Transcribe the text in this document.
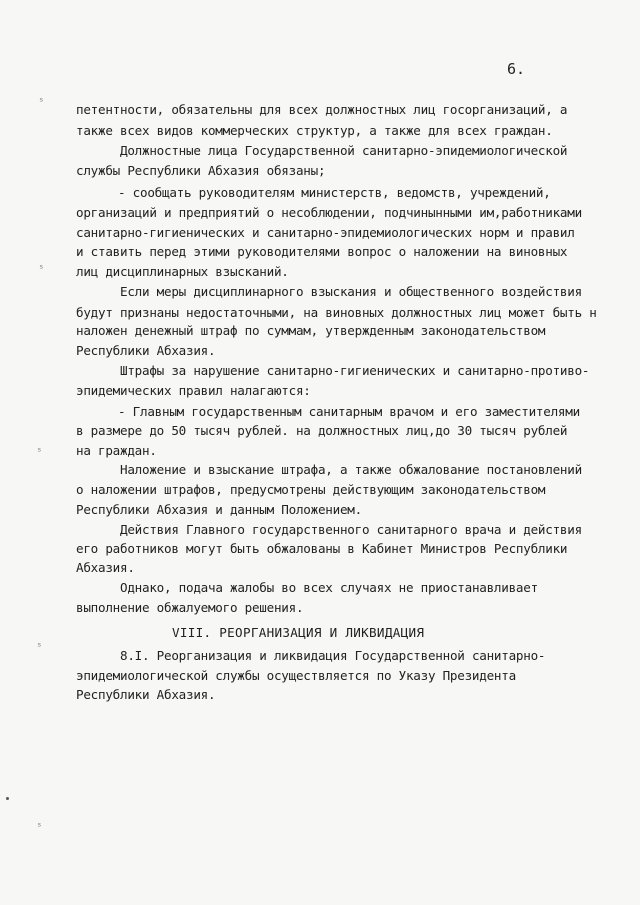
6.
петентности, обязательны для всех должностных лиц госорганизаций, а
также всех видов коммерческих структур, а также для всех граждан.
Должностные лица Государственной санитарно-эпидемиологической
службы Республики Абхазия обязаны;
- сообщать руководителям министерств, ведомств, учреждений,
организаций и предприятий о несоблюдении, подчинынными им,работниками
санитарно-гигиенических и санитарно-эпидемиологических норм и правил
и ставить перед этими руководителями вопрос о наложении на виновных
лиц дисциплинарных взысканий.
Если меры дисциплинарного взыскания и общественного воздействия
будут признаны недостаточными, на виновных должностных лиц может быть н
наложен денежный штраф по суммам, утвержденным законодательством
Республики Абхазия.
Штрафы за нарушение санитарно-гигиенических и санитарно-противо-
эпидемических правил налагаются:
- Главным государственным санитарным врачом и его заместителями
в размере до 50 тысяч рублей. на должностных лиц,до 30 тысяч рублей
на граждан.
Наложение и взыскание штрафа, а также обжалование постановлений
о наложении штрафов, предусмотрены действующим законодательством
Республики Абхазия и данным Положением.
Действия Главного государственного санитарного врача и действия
его работников могут быть обжалованы в Кабинет Министров Республики
Абхазия.
Однако, подача жалобы во всех случаях не приостанавливает
выполнение обжалуемого решения.
VIII. РЕОРГАНИЗАЦИЯ И ЛИКВИДАЦИЯ
8.I. Реорганизация и ликвидация Государственной санитарно-
эпидемиологической службы осуществляется по Указу Президента
Республики Абхазия.
ˢ
ˢ
ˢ
ˢ
ˢ
